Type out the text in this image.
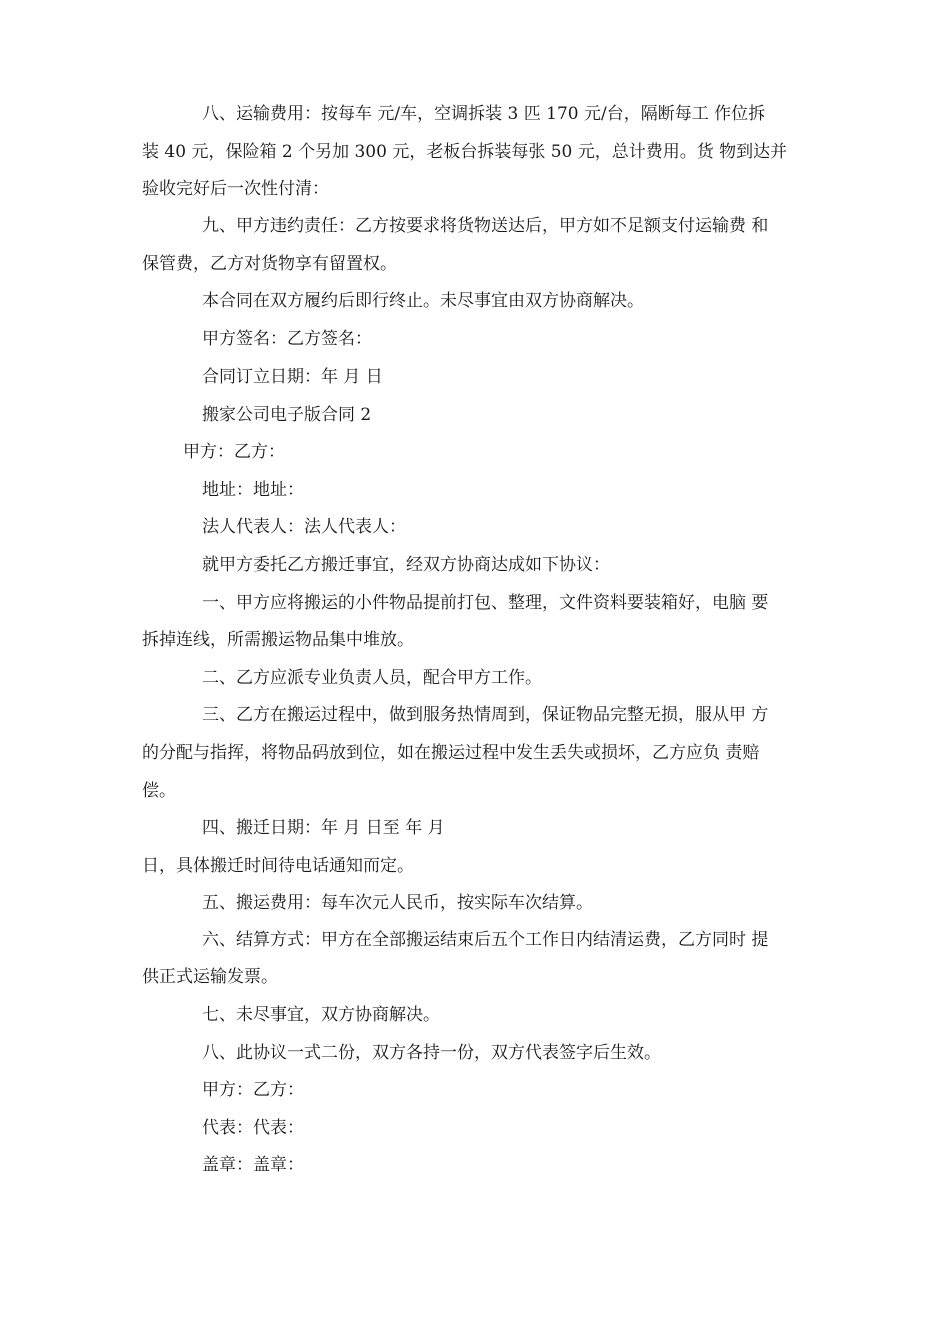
八、运输费用：按每车 元/车，空调拆装 3 匹 170 元/台，隔断每工 作位拆
装 40 元，保险箱 2 个另加 300 元，老板台拆装每张 50 元，总计费用。货 物到达并
验收完好后一次性付清：
九、甲方违约责任：乙方按要求将货物送达后，甲方如不足额支付运输费 和
保管费，乙方对货物享有留置权。
本合同在双方履约后即行终止。未尽事宜由双方协商解决。
甲方签名：乙方签名：
合同订立日期：年 月 日
搬家公司电子版合同 2
甲方：乙方：
地址：地址：
法人代表人：法人代表人：
就甲方委托乙方搬迁事宜，经双方协商达成如下协议：
一、甲方应将搬运的小件物品提前打包、整理，文件资料要装箱好，电脑 要
拆掉连线，所需搬运物品集中堆放。
二、乙方应派专业负责人员，配合甲方工作。
三、乙方在搬运过程中，做到服务热情周到，保证物品完整无损，服从甲 方
的分配与指挥，将物品码放到位，如在搬运过程中发生丢失或损坏，乙方应负 责赔
偿。
四、搬迁日期：年 月 日至 年 月
日，具体搬迁时间待电话通知而定。
五、搬运费用：每车次元人民币，按实际车次结算。
六、结算方式：甲方在全部搬运结束后五个工作日内结清运费，乙方同时 提
供正式运输发票。
七、未尽事宜，双方协商解决。
八、此协议一式二份，双方各持一份，双方代表签字后生效。
甲方：乙方：
代表：代表：
盖章：盖章：
